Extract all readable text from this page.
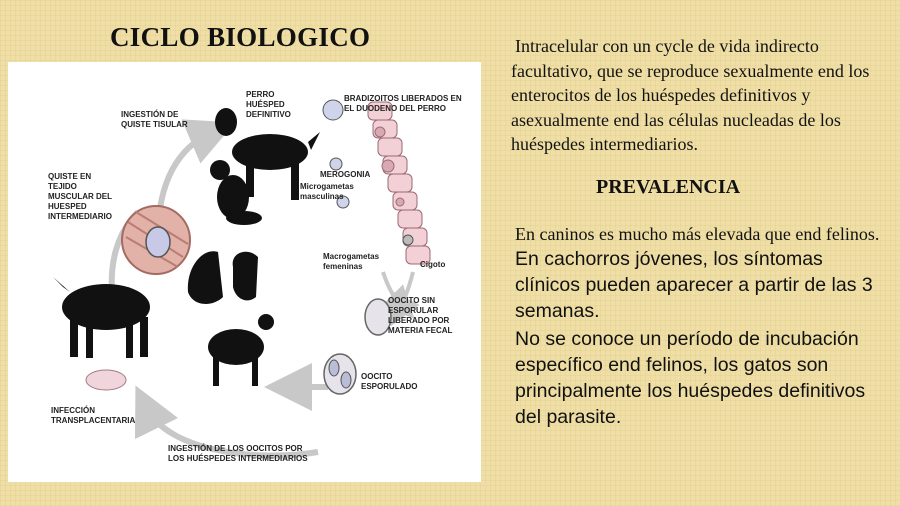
CICLO BIOLOGICO
INGESTIÓN DE QUISTE TISULAR
PERRO HUÉSPED DEFINITIVO
BRADIZOITOS LIBERADOS EN EL DUODENO DEL PERRO
QUISTE EN TEJIDO MUSCULAR DEL HUESPED INTERMEDIARIO
MEROGONIA
Microgametas masculinas
Macrogametas femeninas	Cigoto
OOCITO SIN ESPORULAR LIBERADO POR MATERIA FECAL
OOCITO ESPORULADO
INFECCIÓN TRANSPLACENTARIA
INGESTIÓN DE LOS OOCITOS POR LOS HUÉSPEDES INTERMEDIARIOS
Intracelular con un cycle de vida indirecto facultativo, que se reproduce sexualmente end los enterocitos de los huéspedes definitivos y asexualmente end las células nucleadas de los huéspedes intermediarios.
PREVALENCIA
En caninos es mucho más elevada que end felinos.
En cachorros jóvenes, los síntomas clínicos pueden aparecer a partir de las 3 semanas.
No se conoce un período de incubación específico end felinos, los gatos son principalmente los huéspedes definitivos del parasite.
